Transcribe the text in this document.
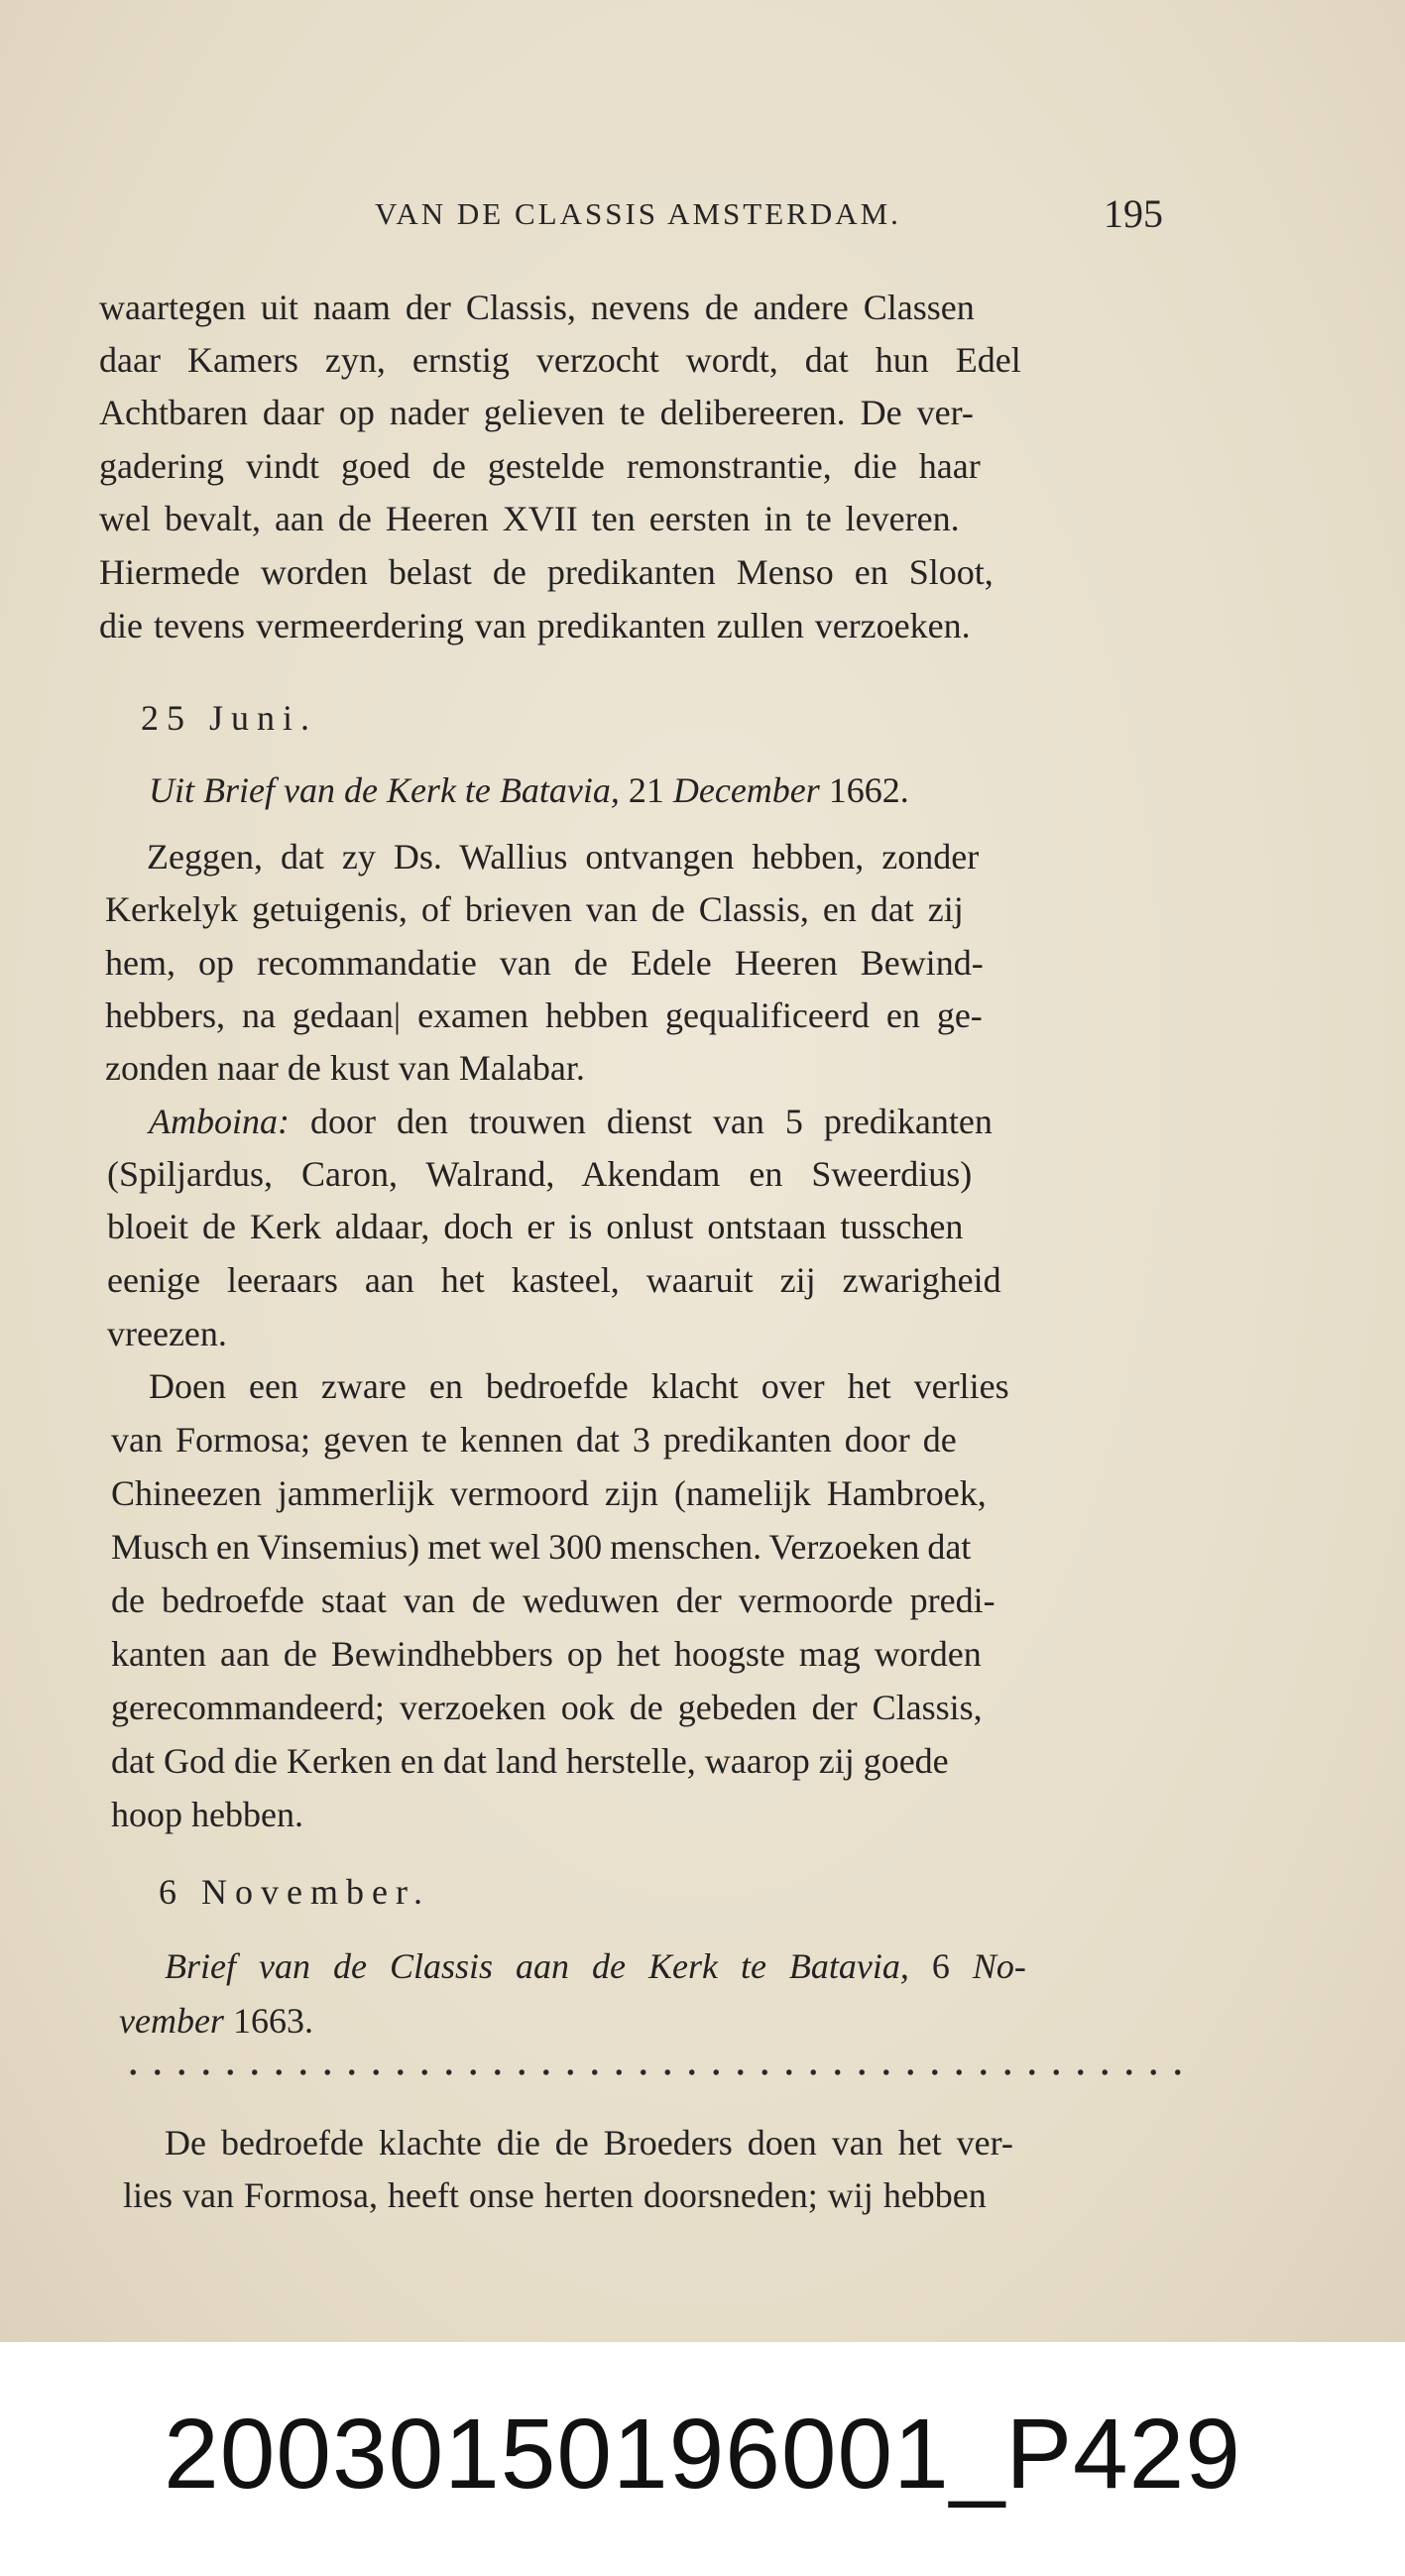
VAN DE CLASSIS AMSTERDAM.	195
waartegen uit naam der Classis, nevens de andere Classen
daar Kamers zyn, ernstig verzocht wordt, dat hun Edel
Achtbaren daar op nader gelieven te delibereeren. De ver-
gadering vindt goed de gestelde remonstrantie, die haar
wel bevalt, aan de Heeren XVII ten eersten in te leveren.
Hiermede worden belast de predikanten Menso en Sloot,
die tevens vermeerdering van predikanten zullen verzoeken.
25 Juni.
Uit Brief van de Kerk te Batavia, 21 December 1662.
Zeggen, dat zy Ds. Wallius ontvangen hebben, zonder
Kerkelyk getuigenis, of brieven van de Classis, en dat zij
hem, op recommandatie van de Edele Heeren Bewind-
hebbers, na gedaan| examen hebben gequalificeerd en ge-
zonden naar de kust van Malabar.
Amboina: door den trouwen dienst van 5 predikanten
(Spiljardus, Caron, Walrand, Akendam en Sweerdius)
bloeit de Kerk aldaar, doch er is onlust ontstaan tusschen
eenige leeraars aan het kasteel, waaruit zij zwarigheid
vreezen.
Doen een zware en bedroefde klacht over het verlies
van Formosa; geven te kennen dat 3 predikanten door de
Chineezen jammerlijk vermoord zijn (namelijk Hambroek,
Musch en Vinsemius) met wel 300 menschen. Verzoeken dat
de bedroefde staat van de weduwen der vermoorde predi-
kanten aan de Bewindhebbers op het hoogste mag worden
gerecommandeerd; verzoeken ook de gebeden der Classis,
dat God die Kerken en dat land herstelle, waarop zij goede
hoop hebben.
6 November.
Brief van de Classis aan de Kerk te Batavia, 6 No-
vember 1663.
De bedroefde klachte die de Broeders doen van het ver-
lies van Formosa, heeft onse herten doorsneden; wij hebben
20030150196001_P429
